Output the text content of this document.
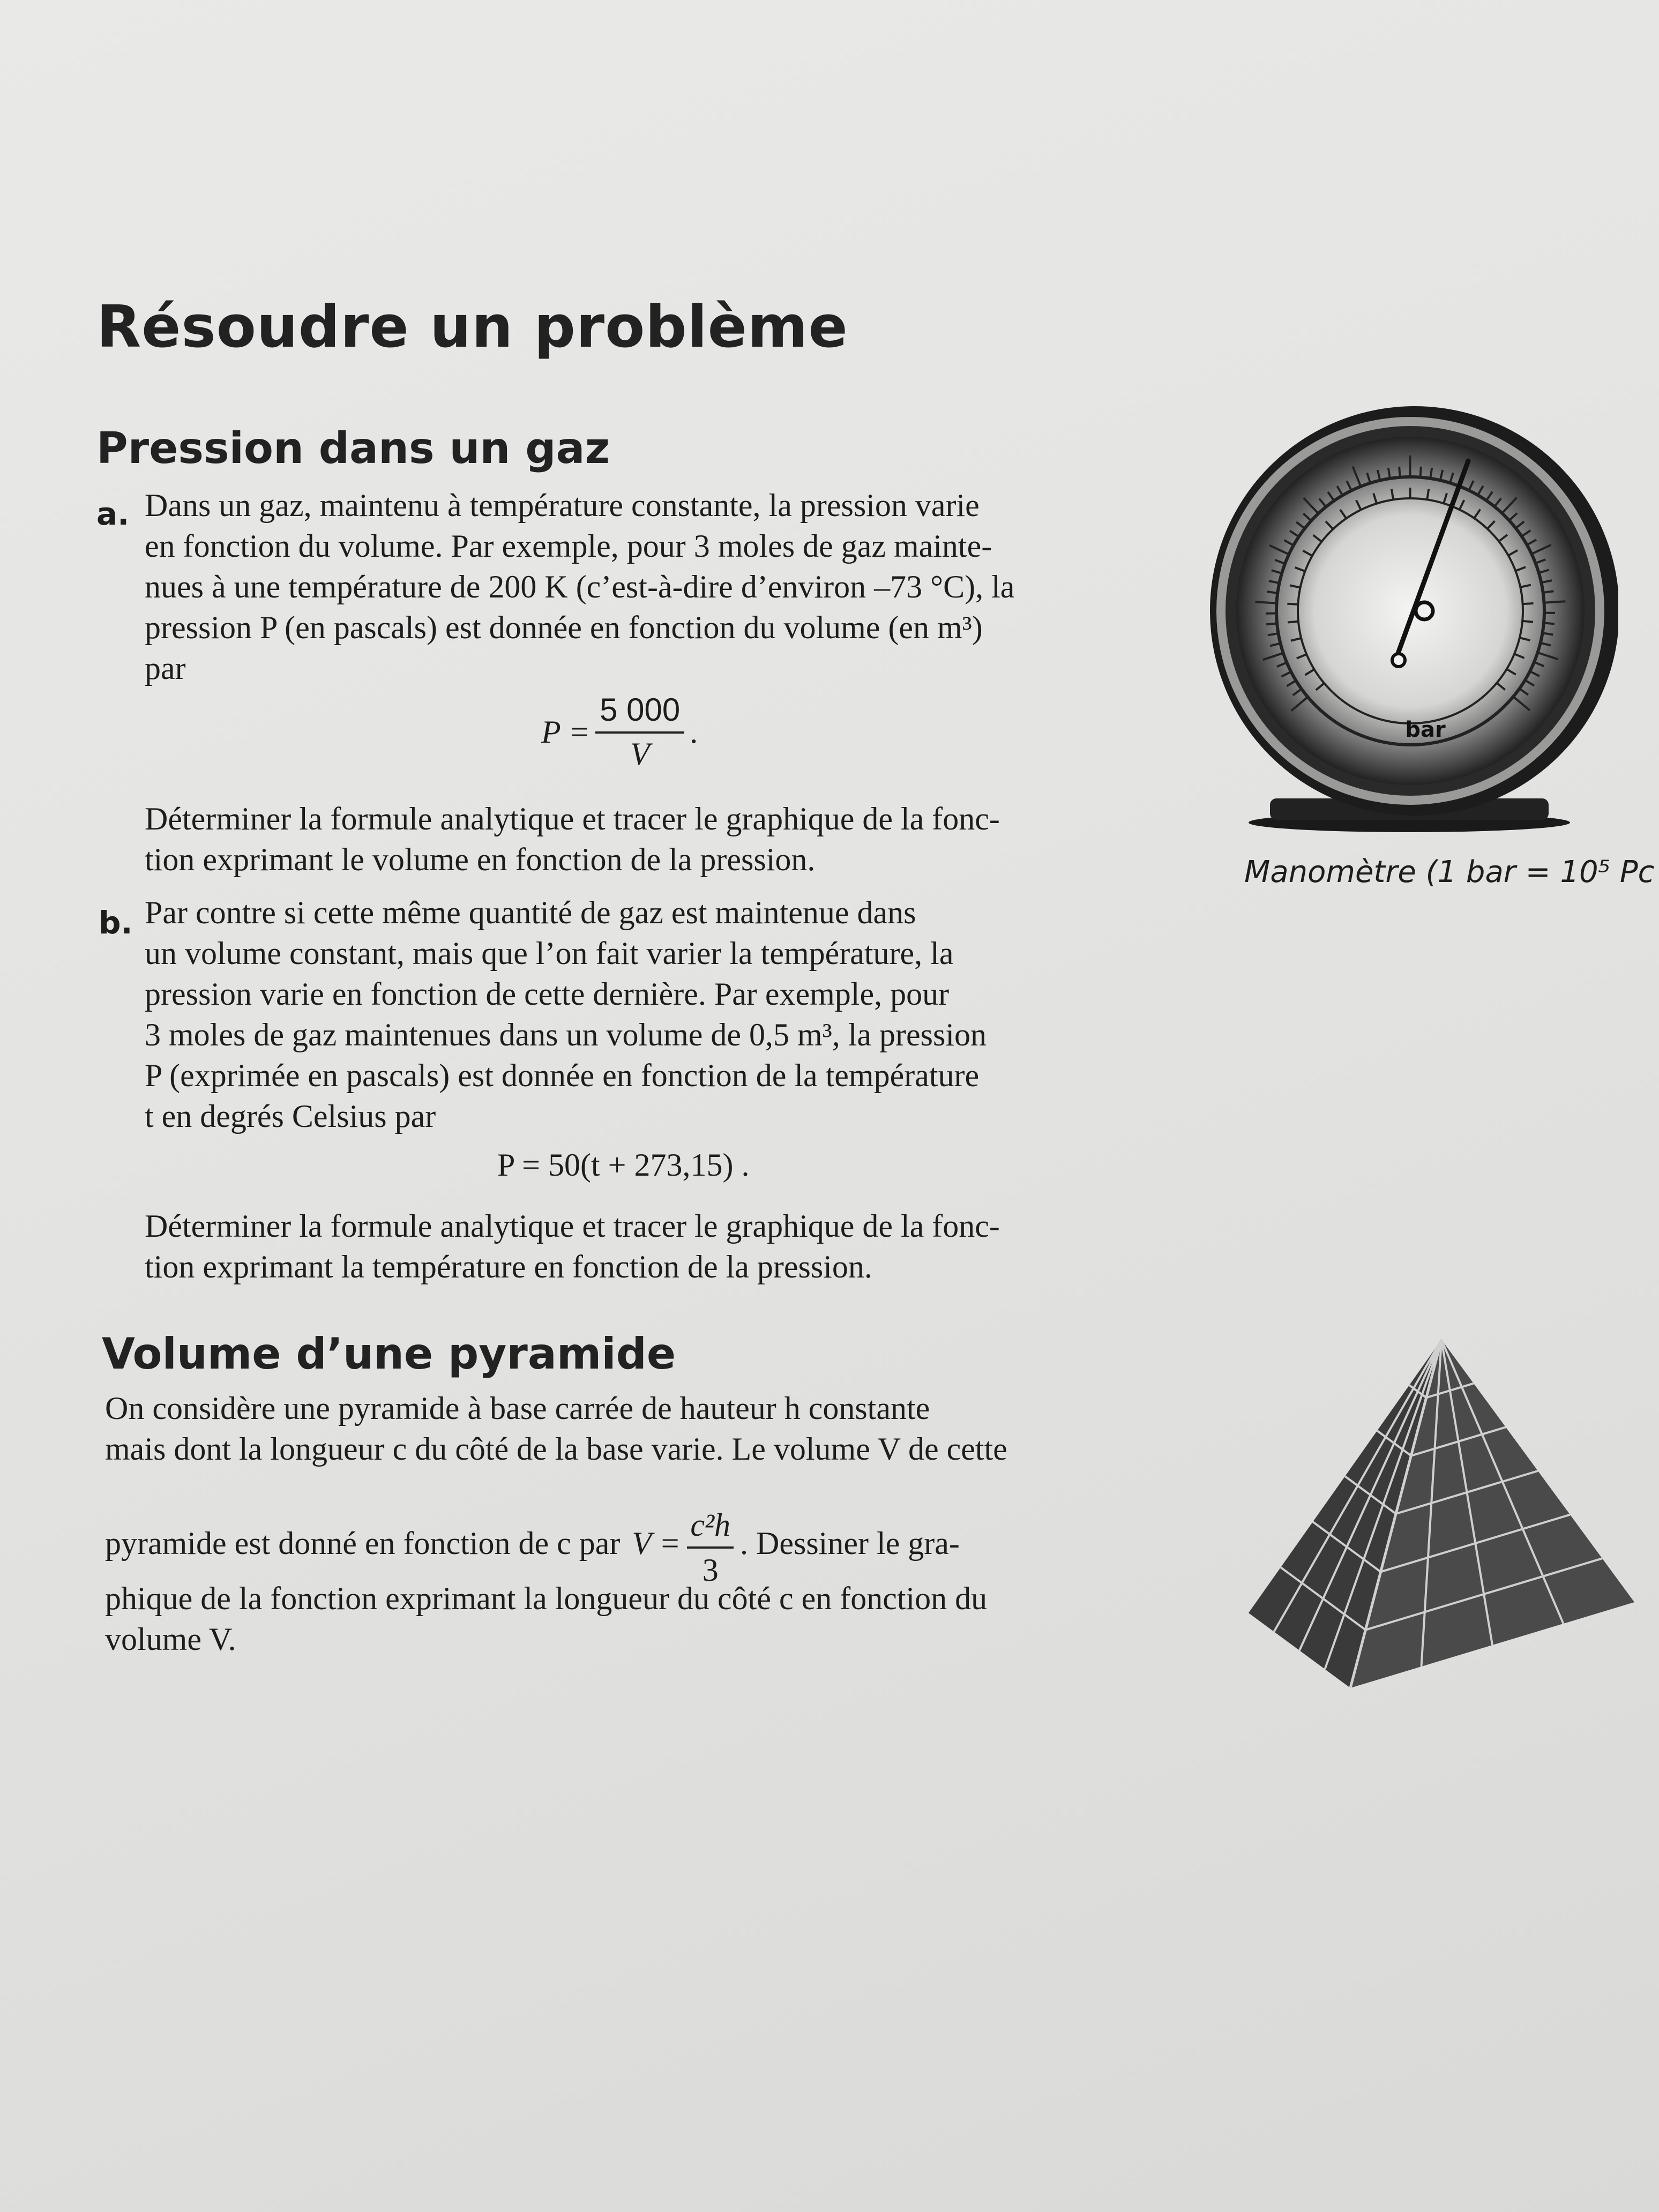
Résoudre un problème
Pression dans un gaz
a. Dans un gaz, maintenu à température constante, la pression varie
en fonction du volume. Par exemple, pour 3 moles de gaz mainte-
nues à une température de 200 K (c’est-à-dire d’environ –73 °C), la
pression P (en pascals) est donnée en fonction du volume (en m³)
par
$P = \frac{5 000}{V}$ .
Déterminer la formule analytique et tracer le graphique de la fonc-
tion exprimant le volume en fonction de la pression.
b. Par contre si cette même quantité de gaz est maintenue dans
un volume constant, mais que l’on fait varier la température, la
pression varie en fonction de cette dernière. Par exemple, pour
3 moles de gaz maintenues dans un volume de 0,5 m³, la pression
P (exprimée en pascals) est donnée en fonction de la température
t en degrés Celsius par
P = 50(t + 273,15) .
Déterminer la formule analytique et tracer le graphique de la fonc-
tion exprimant la température en fonction de la pression.
bar
Manomètre (1 bar = 10⁵ Pc
Volume d’une pyramide
On considère une pyramide à base carrée de hauteur h constante
mais dont la longueur c du côté de la base varie. Le volume V de cette
pyramide est donné en fonction de c par $V = \frac{\text{c²h}}{3}$ . Dessiner le gra-
phique de la fonction exprimant la longueur du côté c en fonction du
volume V.
